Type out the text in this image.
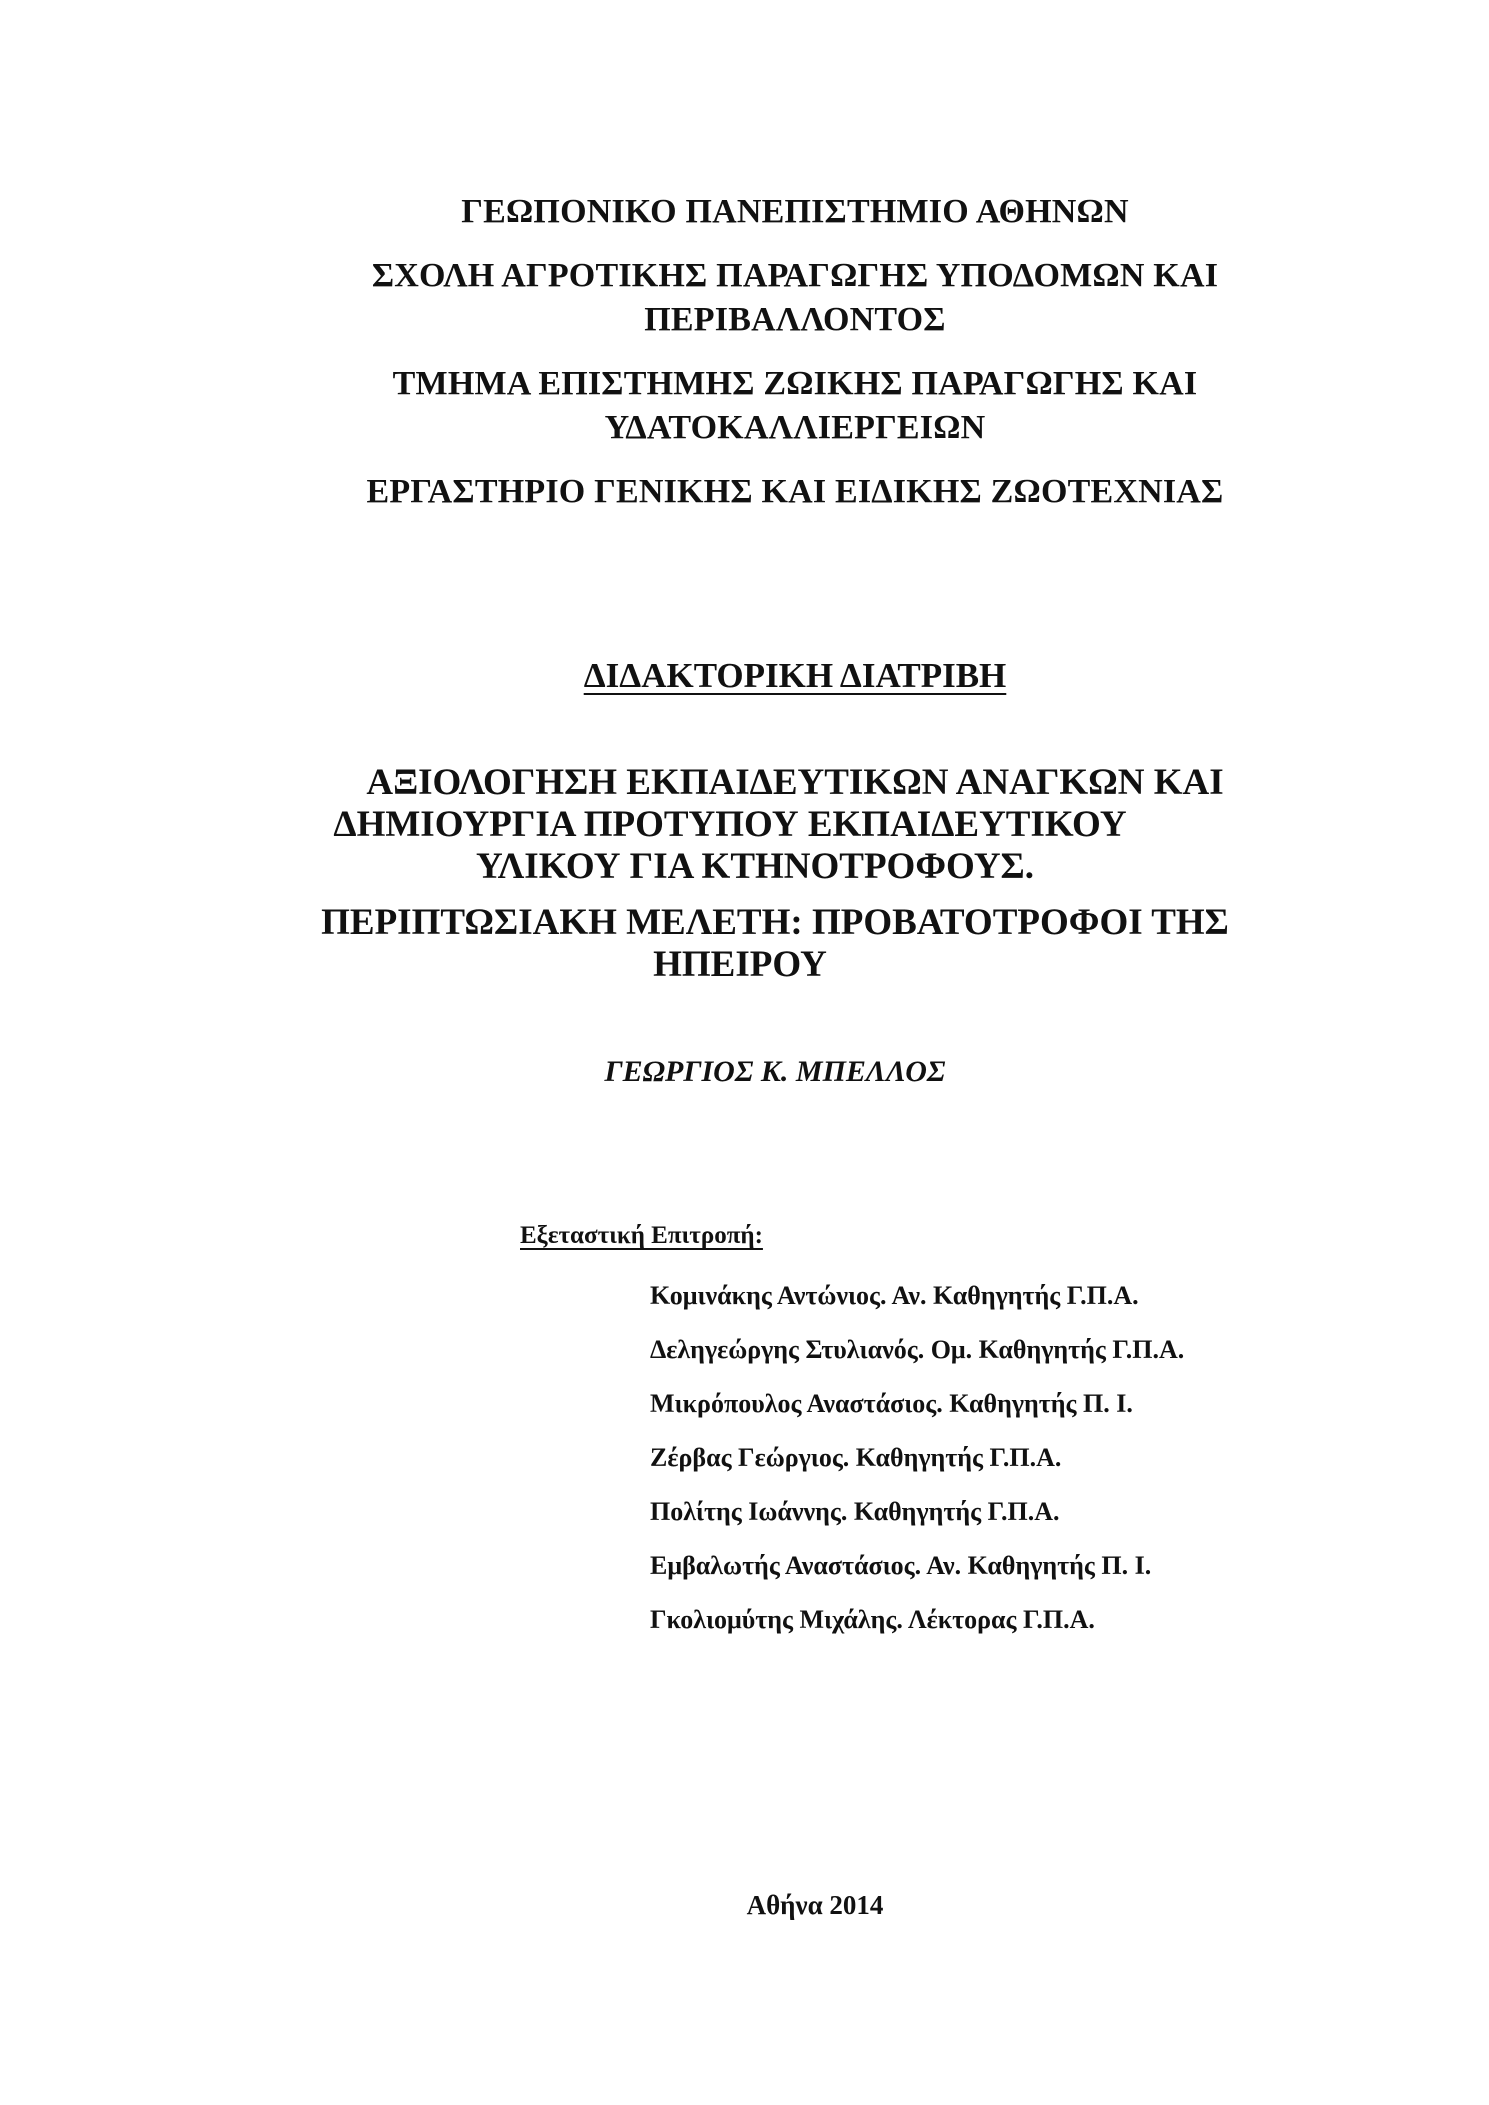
ΓΕΩΠΟΝΙΚΟ ΠΑΝΕΠΙΣΤΗΜΙΟ ΑΘΗΝΩΝ
ΣΧΟΛΗ ΑΓΡΟΤΙΚΗΣ ΠΑΡΑΓΩΓΗΣ ΥΠΟΔΟΜΩΝ ΚΑΙ
ΠΕΡΙΒΑΛΛΟΝΤΟΣ
ΤΜΗΜΑ ΕΠΙΣΤΗΜΗΣ ΖΩΙΚΗΣ ΠΑΡΑΓΩΓΗΣ ΚΑΙ
ΥΔΑΤΟΚΑΛΛΙΕΡΓΕΙΩΝ
ΕΡΓΑΣΤΗΡΙΟ ΓΕΝΙΚΗΣ ΚΑΙ ΕΙΔΙΚΗΣ ΖΩΟΤΕΧΝΙΑΣ
ΔΙΔΑΚΤΟΡΙΚΗ ΔΙΑΤΡΙΒΗ
ΑΞΙΟΛΟΓΗΣΗ ΕΚΠΑΙΔΕΥΤΙΚΩΝ ΑΝΑΓΚΩΝ ΚΑΙ
ΔΗΜΙΟΥΡΓΙΑ ΠΡΟΤΥΠΟΥ ΕΚΠΑΙΔΕΥΤΙΚΟΥ
ΥΛΙΚΟΥ ΓΙΑ ΚΤΗΝΟΤΡΟΦΟΥΣ.
ΠΕΡΙΠΤΩΣΙΑΚΗ ΜΕΛΕΤΗ: ΠΡΟΒΑΤΟΤΡΟΦΟΙ ΤΗΣ
ΗΠΕΙΡΟΥ
ΓΕΩΡΓΙΟΣ Κ. ΜΠΕΛΛΟΣ
Εξεταστική Επιτροπή:
Κομινάκης Αντώνιος. Αν. Καθηγητής Γ.Π.Α.
Δεληγεώργης Στυλιανός. Ομ. Καθηγητής Γ.Π.Α.
Μικρόπουλος Αναστάσιος. Καθηγητής Π. Ι.
Ζέρβας Γεώργιος. Καθηγητής Γ.Π.Α.
Πολίτης Ιωάννης. Καθηγητής Γ.Π.Α.
Εμβαλωτής Αναστάσιος. Αν. Καθηγητής Π. Ι.
Γκολιομύτης Μιχάλης. Λέκτορας Γ.Π.Α.
Αθήνα 2014
